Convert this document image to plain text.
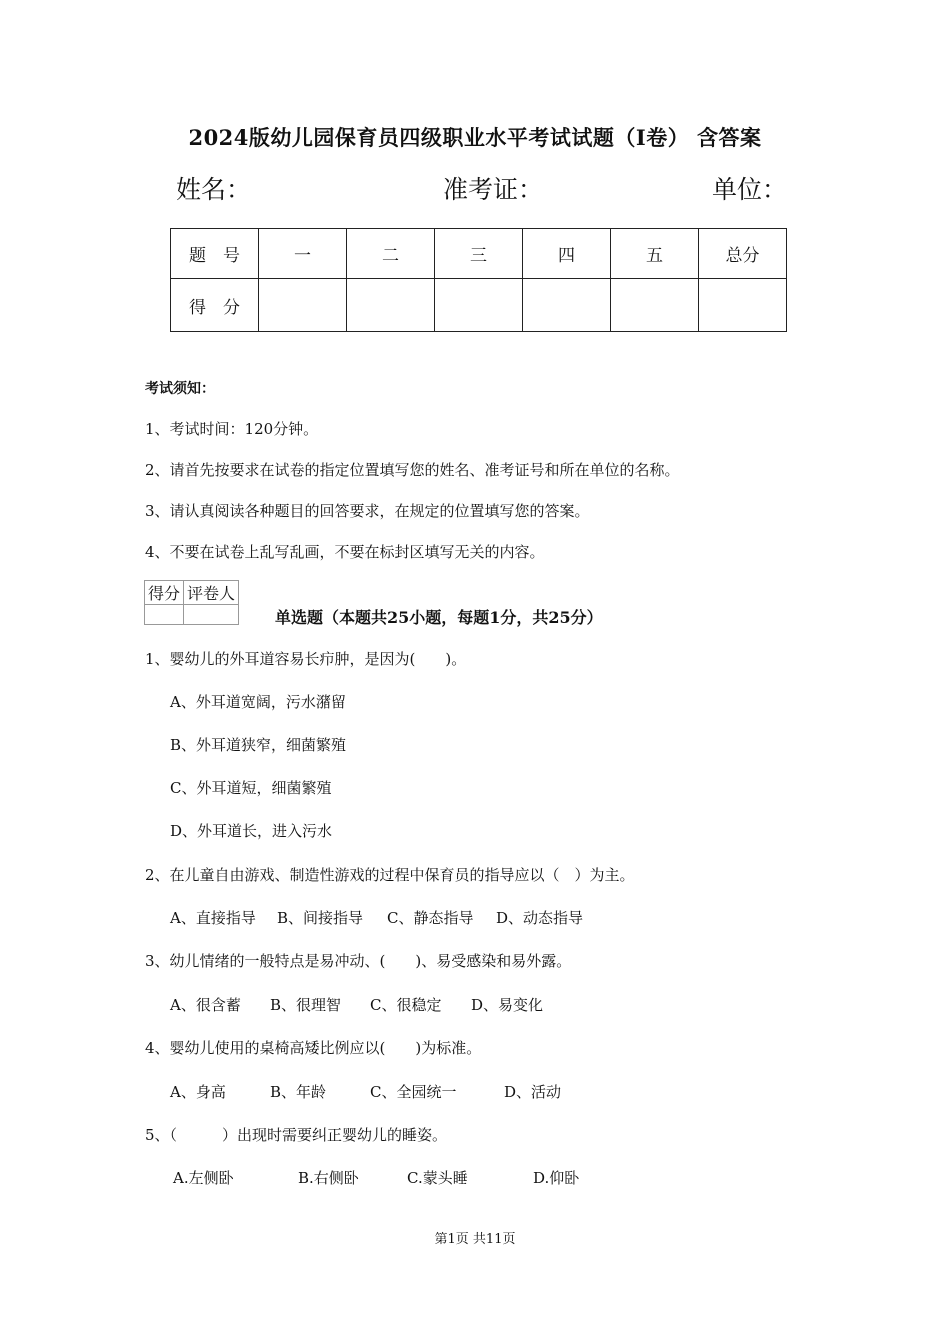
2024版幼儿园保育员四级职业水平考试试题（I卷） 含答案
姓名：	准考证：	单位：
题　号	一	二	三	四	五	总分
得　分						
考试须知：
1、考试时间：120分钟。
2、请首先按要求在试卷的指定位置填写您的姓名、准考证号和所在单位的名称。
3、请认真阅读各种题目的回答要求，在规定的位置填写您的答案。
4、不要在试卷上乱写乱画，不要在标封区填写无关的内容。
得分	评卷人

单选题（本题共25小题，每题1分，共25分）
1、婴幼儿的外耳道容易长疖肿，是因为(　　)。
A、外耳道宽阔，污水潴留
B、外耳道狭窄，细菌繁殖
C、外耳道短，细菌繁殖
D、外耳道长，进入污水
2、在儿童自由游戏、制造性游戏的过程中保育员的指导应以（　）为主。
A、直接指导 B、间接指导 C、静态指导 D、动态指导
3、幼儿情绪的一般特点是易冲动、(　　)、易受感染和易外露。
A、很含蓄 B、很理智 C、很稳定 D、易变化
4、婴幼儿使用的桌椅高矮比例应以(　　)为标准。
A、身高	B、年龄	C、全园统一	D、活动
5、（　　　）出现时需要纠正婴幼儿的睡姿。
A.左侧卧	B.右侧卧	C.蒙头睡	D.仰卧
第1页 共11页
